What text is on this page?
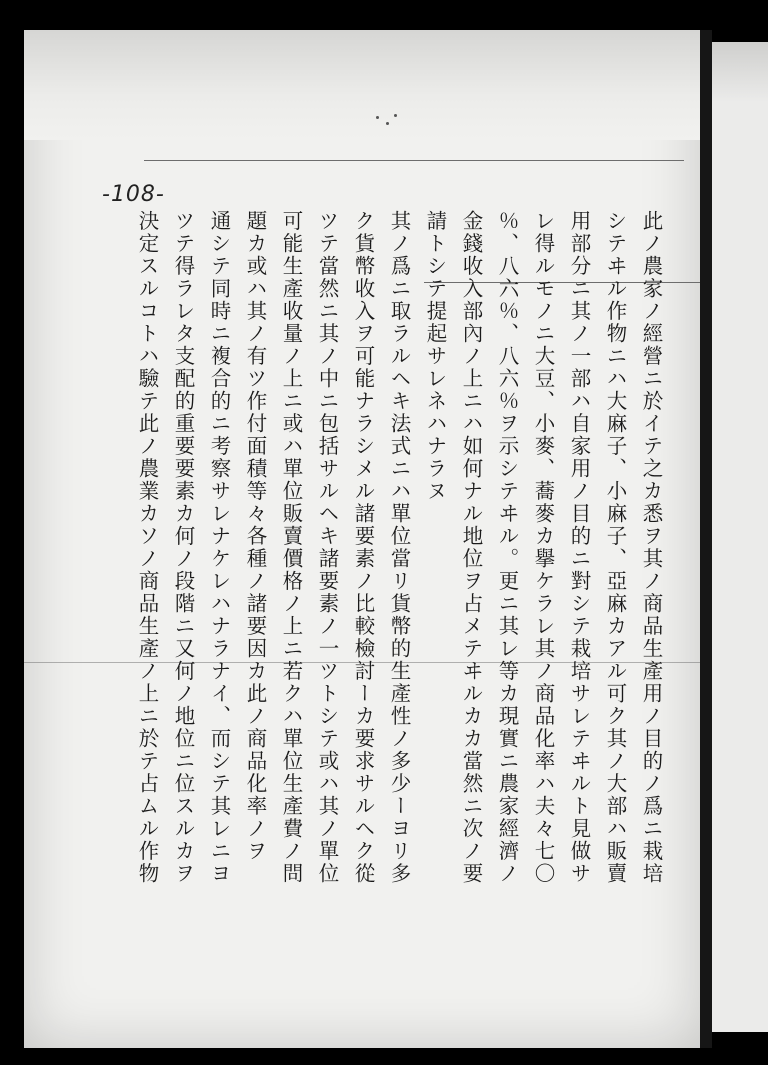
-108-
此ノ農家ノ經營ニ於イテ之カ悉ヲ其ノ商品生產用ノ目的ノ爲ニ栽培
シテヰル作物ニハ大麻子、小麻子、亞麻カアル可ク其ノ大部ハ販賣
用部分ニ其ノ一部ハ自家用ノ目的ニ對シテ栽培サレテヰルト見做サ
レ得ルモノニ大豆、小麥、蕎麥カ擧ケラレ其ノ商品化率ハ夫々七〇
％、八六％、八六％ヲ示シテヰル。更ニ其レ等カ現實ニ農家經濟ノ
金錢收入部內ノ上ニハ如何ナル地位ヲ占メテヰルカカ當然ニ次ノ要
請トシテ提起サレネハナラヌ
其ノ爲ニ取ラルヘキ法式ニハ單位當リ貨幣的生產性ノ多少ーヨリ多
ク貨幣收入ヲ可能ナラシメル諸要素ノ比較檢討ーカ要求サルヘク從
ツテ當然ニ其ノ中ニ包括サルヘキ諸要素ノ一ツトシテ或ハ其ノ單位
可能生產收量ノ上ニ或ハ單位販賣價格ノ上ニ若クハ單位生產費ノ問
題カ或ハ其ノ有ツ作付面積等々各種ノ諸要因カ此ノ商品化率ノヲ
通シテ同時ニ複合的ニ考察サレナケレハナラナイ、而シテ其レニヨ
ツテ得ラレタ支配的重要要素カ何ノ段階ニ又何ノ地位ニ位スルカヲ
決定スルコトハ驗テ此ノ農業カソノ商品生產ノ上ニ於テ占ムル作物
